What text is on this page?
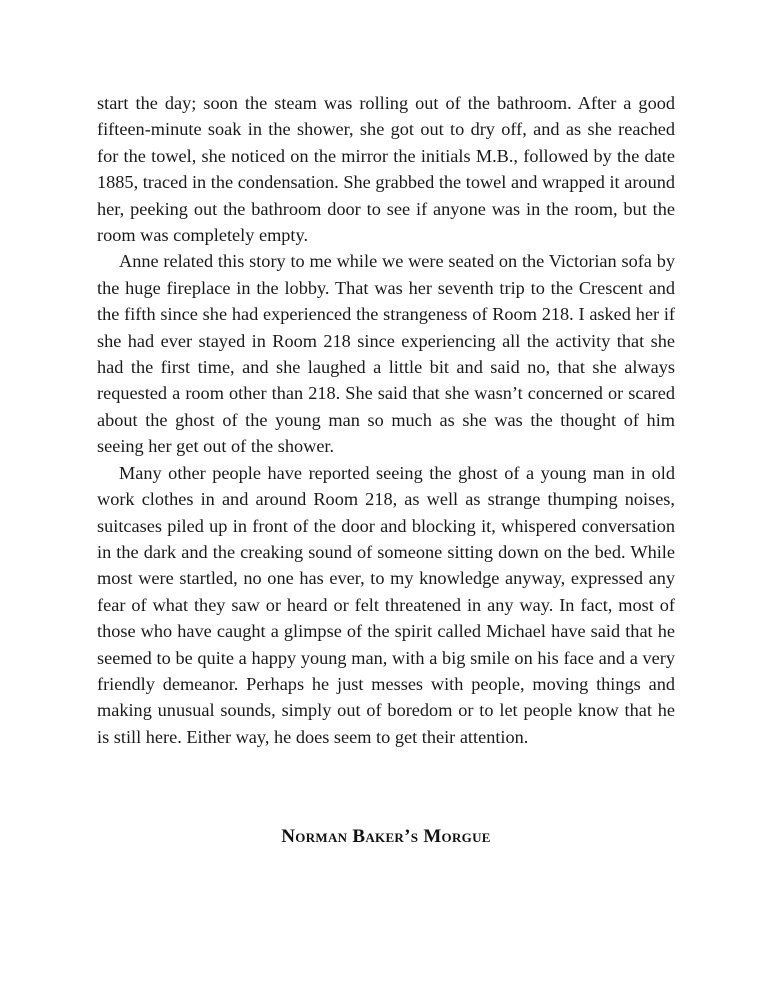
start the day; soon the steam was rolling out of the bathroom. After a good fifteen-minute soak in the shower, she got out to dry off, and as she reached for the towel, she noticed on the mirror the initials M.B., followed by the date 1885, traced in the condensation. She grabbed the towel and wrapped it around her, peeking out the bathroom door to see if anyone was in the room, but the room was completely empty.

Anne related this story to me while we were seated on the Victorian sofa by the huge fireplace in the lobby. That was her seventh trip to the Crescent and the fifth since she had experienced the strangeness of Room 218. I asked her if she had ever stayed in Room 218 since experiencing all the activity that she had the first time, and she laughed a little bit and said no, that she always requested a room other than 218. She said that she wasn’t concerned or scared about the ghost of the young man so much as she was the thought of him seeing her get out of the shower.

Many other people have reported seeing the ghost of a young man in old work clothes in and around Room 218, as well as strange thumping noises, suitcases piled up in front of the door and blocking it, whispered conversation in the dark and the creaking sound of someone sitting down on the bed. While most were startled, no one has ever, to my knowledge anyway, expressed any fear of what they saw or heard or felt threatened in any way. In fact, most of those who have caught a glimpse of the spirit called Michael have said that he seemed to be quite a happy young man, with a big smile on his face and a very friendly demeanor. Perhaps he just messes with people, moving things and making unusual sounds, simply out of boredom or to let people know that he is still here. Either way, he does seem to get their attention.

Norman Baker’s Morgue
